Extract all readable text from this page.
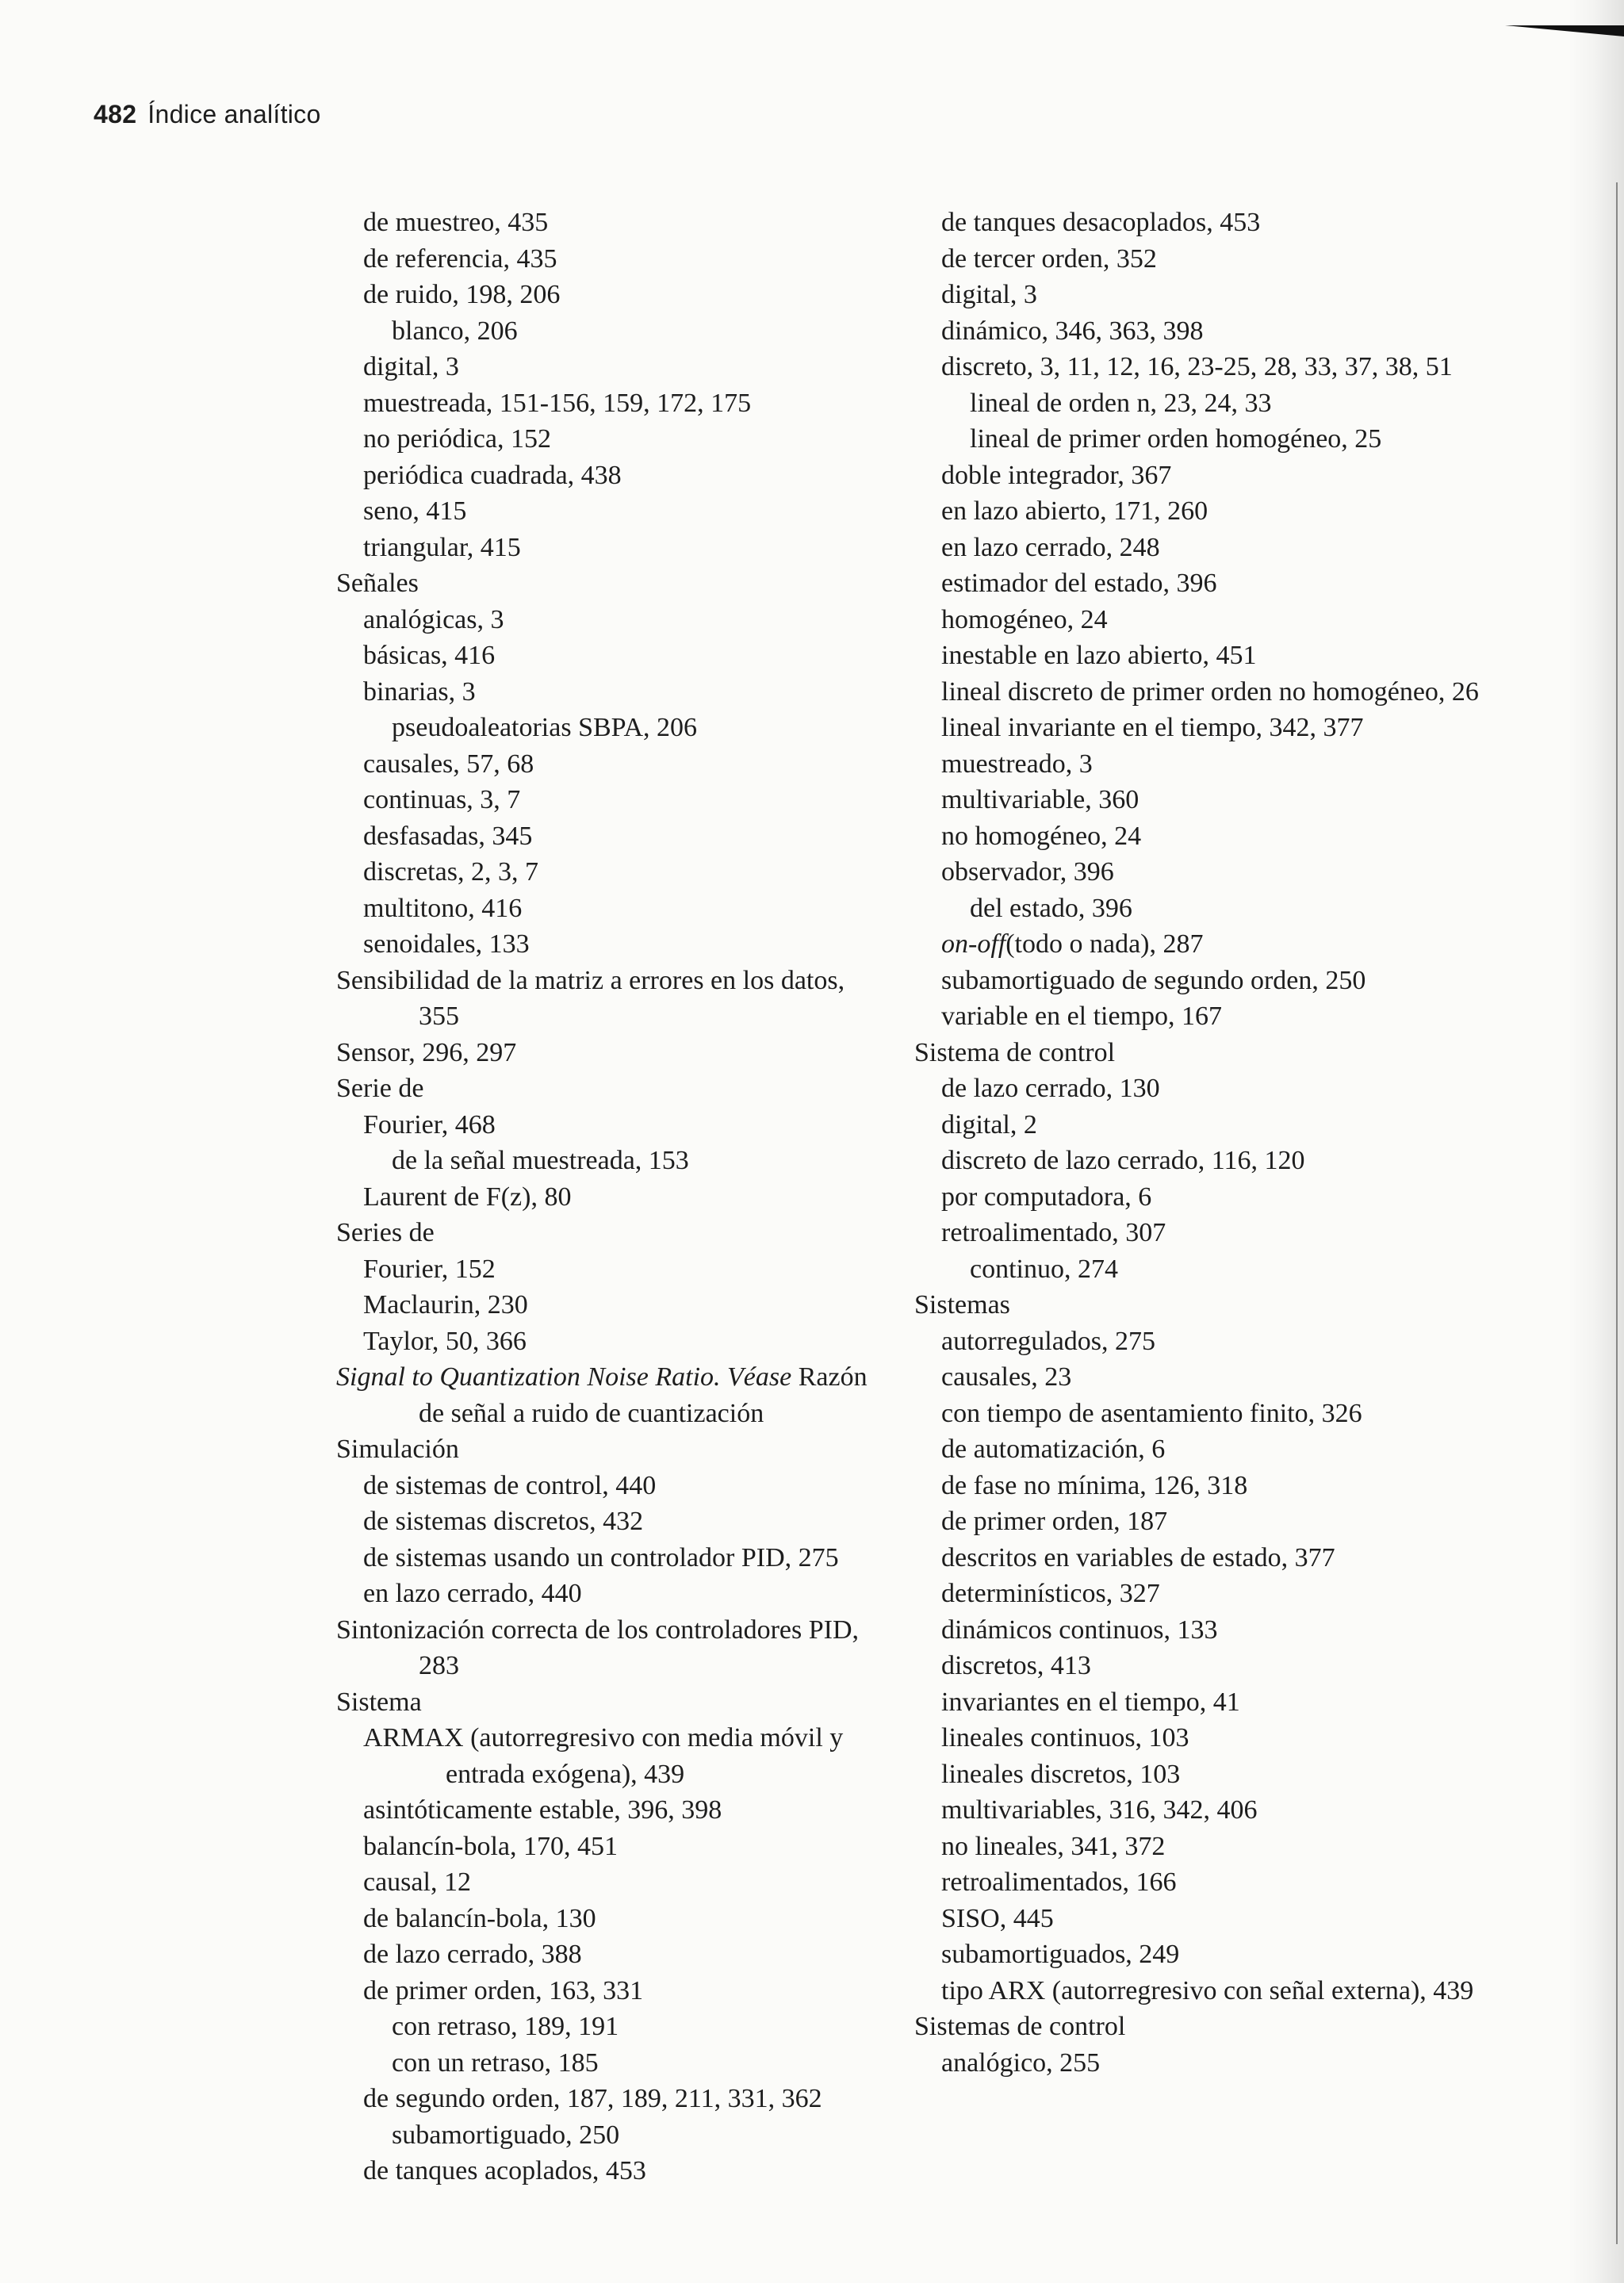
482 Índice analítico
de muestreo, 435
de referencia, 435
de ruido, 198, 206
blanco, 206
digital, 3
muestreada, 151-156, 159, 172, 175
no periódica, 152
periódica cuadrada, 438
seno, 415
triangular, 415
Señales
analógicas, 3
básicas, 416
binarias, 3
pseudoaleatorias SBPA, 206
causales, 57, 68
continuas, 3, 7
desfasadas, 345
discretas, 2, 3, 7
multitono, 416
senoidales, 133
Sensibilidad de la matriz a errores en los datos, 355
Sensor, 296, 297
Serie de
Fourier, 468
de la señal muestreada, 153
Laurent de F(z), 80
Series de
Fourier, 152
Maclaurin, 230
Taylor, 50, 366
Signal to Quantization Noise Ratio. Véase Razón de señal a ruido de cuantización
Simulación
de sistemas de control, 440
de sistemas discretos, 432
de sistemas usando un controlador PID, 275
en lazo cerrado, 440
Sintonización correcta de los controladores PID, 283
Sistema
ARMAX (autorregresivo con media móvil y entrada exógena), 439
asintóticamente estable, 396, 398
balancín-bola, 170, 451
causal, 12
de balancín-bola, 130
de lazo cerrado, 388
de primer orden, 163, 331
con retraso, 189, 191
con un retraso, 185
de segundo orden, 187, 189, 211, 331, 362
subamortiguado, 250
de tanques acoplados, 453
de tanques desacoplados, 453
de tercer orden, 352
digital, 3
dinámico, 346, 363, 398
discreto, 3, 11, 12, 16, 23-25, 28, 33, 37, 38, 51
lineal de orden n, 23, 24, 33
lineal de primer orden homogéneo, 25
doble integrador, 367
en lazo abierto, 171, 260
en lazo cerrado, 248
estimador del estado, 396
homogéneo, 24
inestable en lazo abierto, 451
lineal discreto de primer orden no homogéneo, 26
lineal invariante en el tiempo, 342, 377
muestreado, 3
multivariable, 360
no homogéneo, 24
observador, 396
del estado, 396
on-off(todo o nada), 287
subamortiguado de segundo orden, 250
variable en el tiempo, 167
Sistema de control
de lazo cerrado, 130
digital, 2
discreto de lazo cerrado, 116, 120
por computadora, 6
retroalimentado, 307
continuo, 274
Sistemas
autorregulados, 275
causales, 23
con tiempo de asentamiento finito, 326
de automatización, 6
de fase no mínima, 126, 318
de primer orden, 187
descritos en variables de estado, 377
determinísticos, 327
dinámicos continuos, 133
discretos, 413
invariantes en el tiempo, 41
lineales continuos, 103
lineales discretos, 103
multivariables, 316, 342, 406
no lineales, 341, 372
retroalimentados, 166
SISO, 445
subamortiguados, 249
tipo ARX (autorregresivo con señal externa), 439
Sistemas de control
analógico, 255
